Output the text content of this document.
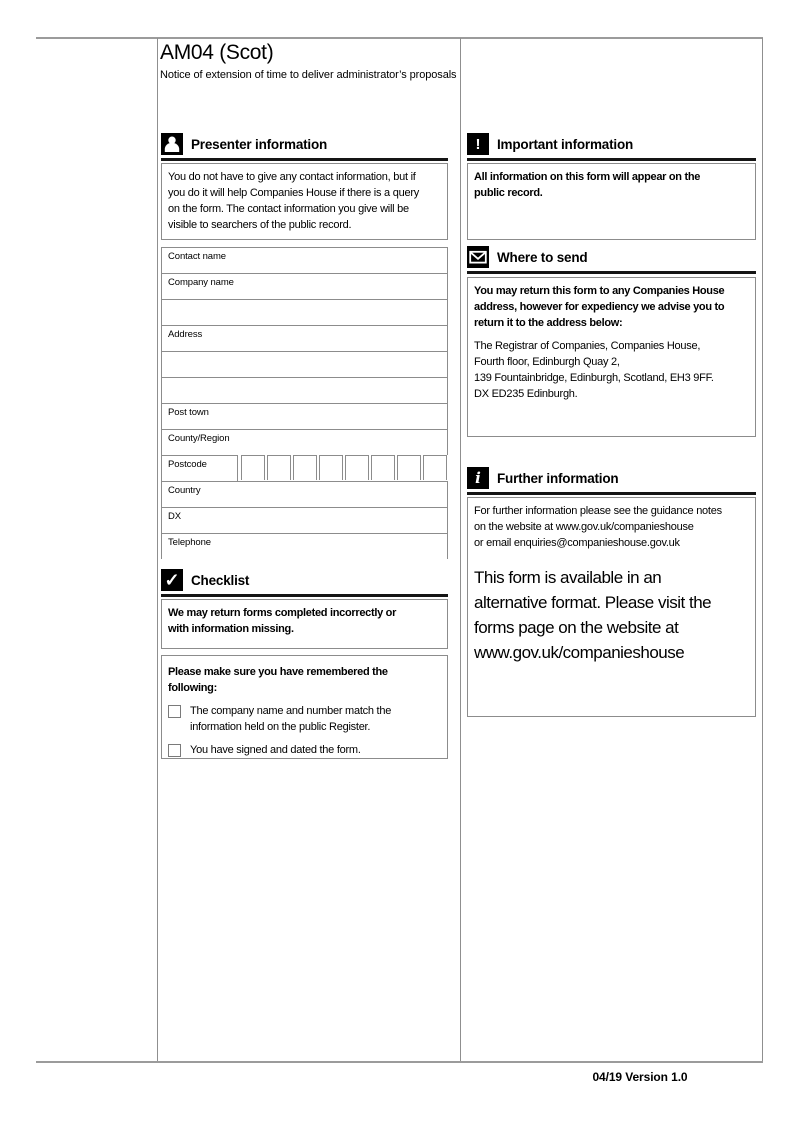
AM04 (Scot)
Notice of extension of time to deliver administrator’s proposals
Presenter information
You do not have to give any contact information, but if
you do it will help Companies House if there is a query
on the form. The contact information you give will be
visible to searchers of the public record.
Contact name
Company name
Address
Post town
County/Region
Postcode
Country
DX
Telephone
✓ Checklist
We may return forms completed incorrectly or
with information missing.
Please make sure you have remembered the
following:
The company name and number match the
information held on the public Register.
You have signed and dated the form.
! Important information
All information on this form will appear on the
public record.
Where to send
You may return this form to any Companies House
address, however for expediency we advise you to
return it to the address below:
The Registrar of Companies, Companies House,
Fourth floor, Edinburgh Quay 2,
139 Fountainbridge, Edinburgh, Scotland, EH3 9FF.
DX ED235 Edinburgh.
i Further information
For further information please see the guidance notes
on the website at www.gov.uk/companieshouse
or email enquiries@companieshouse.gov.uk
This form is available in an
alternative format. Please visit the
forms page on the website at
www.gov.uk/companieshouse
04/19 Version 1.0
